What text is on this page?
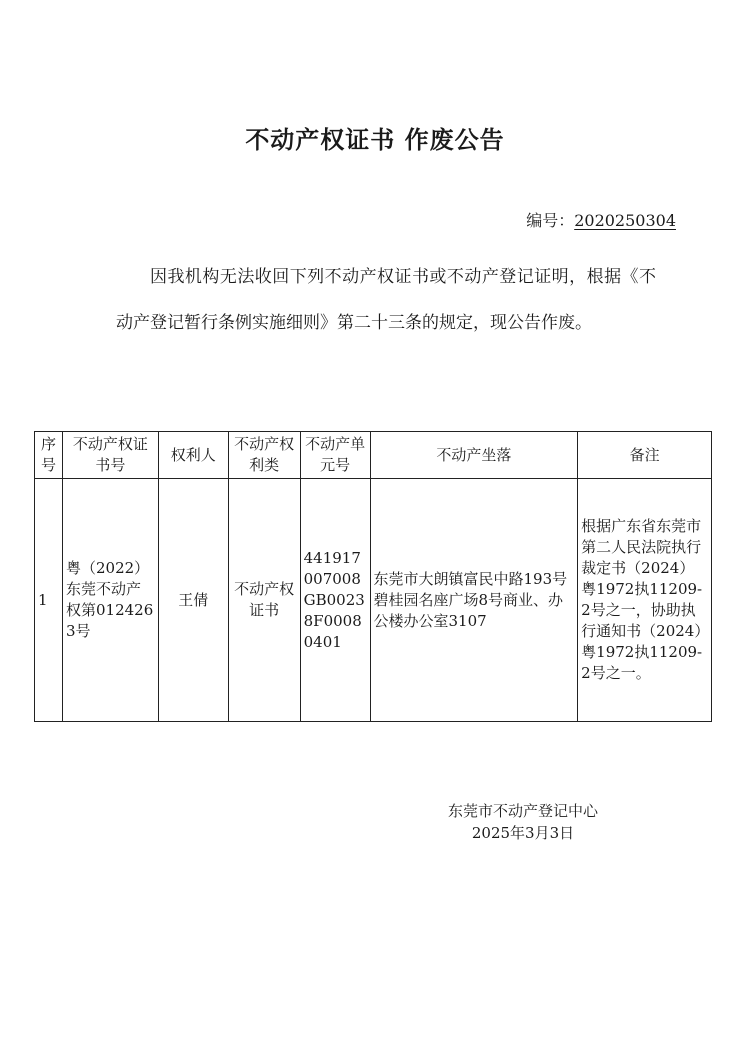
不动产权证书 作废公告
编号：2020250304

因我机构无法收回下列不动产权证书或不动产登记证明，根据《不动产登记暂行条例实施细则》第二十三条的规定，现公告作废。

序号	不动产权证书号	权利人	不动产权利类	不动产单元号	不动产坐落	备注
1	粤（2022）东莞不动产权第0124263号	王倩	不动产权证书	441917007008GB00238F00080401	东莞市大朗镇富民中路193号碧桂园名座广场8号商业、办公楼办公室3107	根据广东省东莞市第二人民法院执行裁定书（2024）粤1972执11209-2号之一，协助执行通知书（2024）粤1972执11209-2号之一。
东莞市不动产登记中心
2025年3月3日
